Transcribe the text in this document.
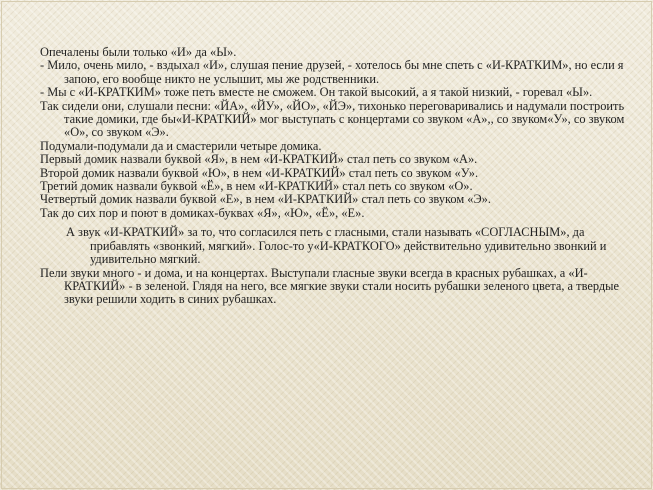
Опечалены были только «И» да «Ы».
- Мило, очень мило, - вздыхал «И», слушая пение друзей, - хотелось бы мне спеть с «И-КРАТКИМ», но если я запою, его вообще никто не услышит, мы же родственники.
- Мы с «И-КРАТКИМ» тоже петь вместе не сможем. Он такой высокий, а я такой низкий, - горевал «Ы».

Так сидели они, слушали песни: «ЙА», «ЙУ», «ЙО», «ЙЭ», тихонько переговаривались и надумали построить такие домики, где бы«И-КРАТКИЙ» мог выступать с концертами со звуком «А»,, со звуком«У», со звуком «О», со звуком «Э».

Подумали-подумали да и смастерили четыре домика.
Первый домик назвали буквой «Я», в нем «И-КРАТКИЙ» стал петь со звуком «А».
Второй домик назвали буквой «Ю», в нем «И-КРАТКИЙ» стал петь со звуком «У».
Третий домик назвали буквой «Ё», в нем «И-КРАТКИЙ» стал петь со звуком «О».
Четвертый домик назвали буквой «Е», в нем «И-КРАТКИЙ» стал петь со звуком «Э».
Так до сих пор и поют в домиках-буквах «Я», «Ю», «Ё», «Е».

А звук «И-КРАТКИЙ» за то, что согласился петь с гласными, стали называть «СОГЛАСНЫМ», да прибавлять «звонкий, мягкий». Голос-то у«И-КРАТКОГО» действительно удивительно звонкий и удивительно мягкий.

Пели звуки много - и дома, и на концертах. Выступали гласные звуки всегда в красных рубашках, а «И-КРАТКИЙ» - в зеленой. Глядя на него, все мягкие звуки стали носить рубашки зеленого цвета, а твердые звуки решили ходить в синих рубашках.
